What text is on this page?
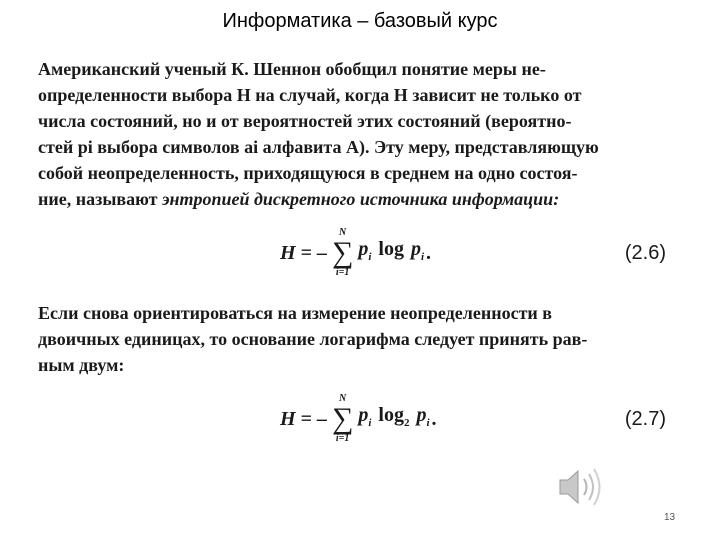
Информатика – базовый курс

Американский ученый К. Шеннон обобщил понятие меры не-
определенности выбора H на случай, когда H зависит не только от
числа состояний, но и от вероятностей этих состояний (вероятно-
стей pi выбора символов ai алфавита A). Эту меру, представляющую
собой неопределенность, приходящуюся в среднем на одно состоя-
ние, называют энтропией дискретного источника информации:

H = –
N
∑
i=1
$p_i$ $\log p_i$ .	(2.6)

Если снова ориентироваться на измерение неопределенности в
двоичных единицах, то основание логарифма следует принять рав-
ным двум:

H = –
N
∑
i=1
$p_i$ $\log_2 p_i$ .	(2.7)
13
